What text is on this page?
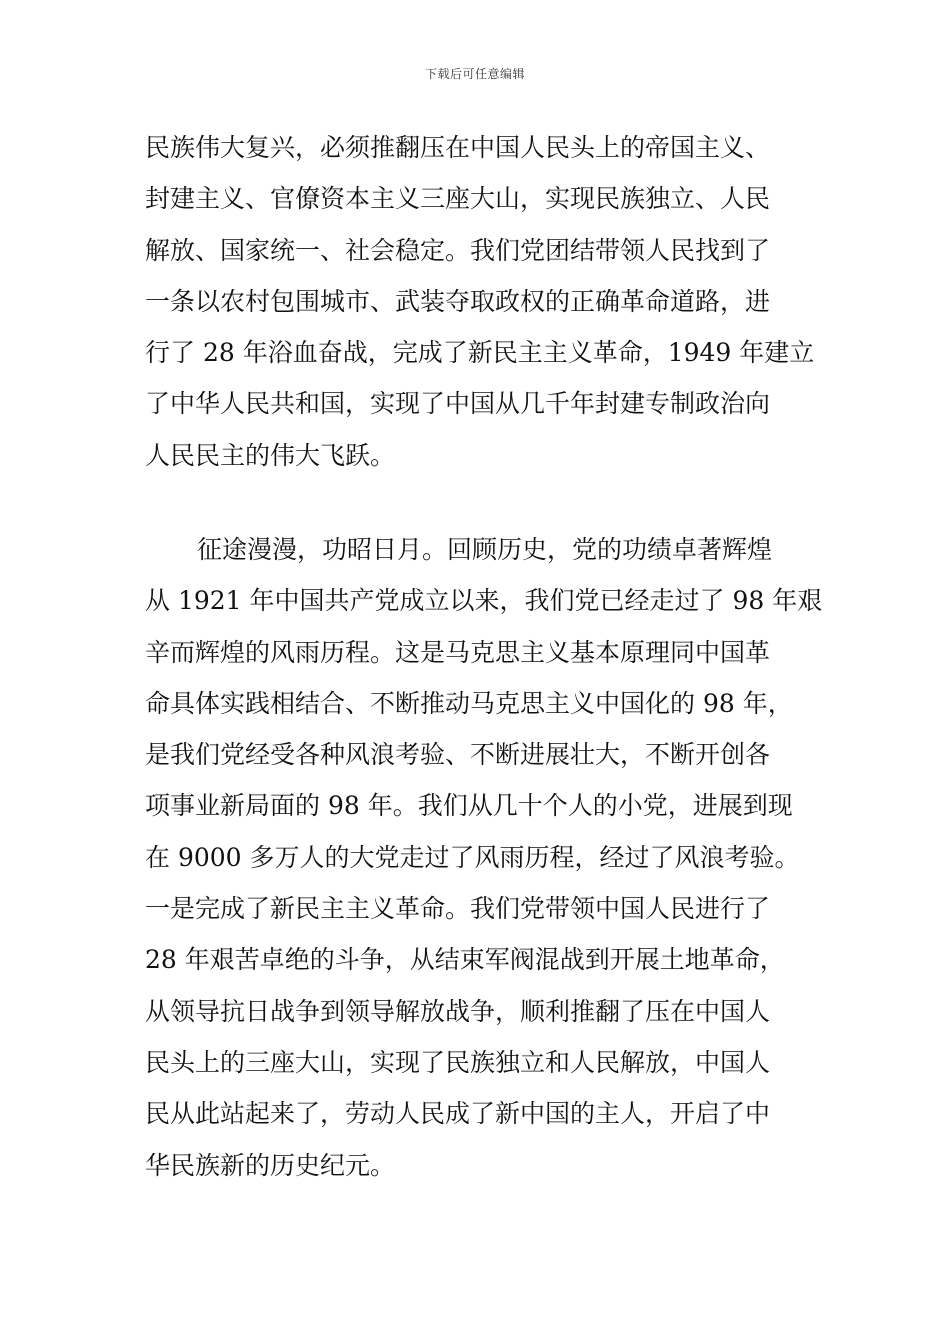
下载后可任意编辑
民族伟大复兴，必须推翻压在中国人民头上的帝国主义、
封建主义、官僚资本主义三座大山，实现民族独立、人民
解放、国家统一、社会稳定。我们党团结带领人民找到了
一条以农村包围城市、武装夺取政权的正确革命道路，进
行了 28 年浴血奋战，完成了新民主主义革命，1949 年建立
了中华人民共和国，实现了中国从几千年封建专制政治向
人民民主的伟大飞跃。
征途漫漫，功昭日月。回顾历史，党的功绩卓著辉煌
从 1921 年中国共产党成立以来，我们党已经走过了 98 年艰
辛而辉煌的风雨历程。这是马克思主义基本原理同中国革
命具体实践相结合、不断推动马克思主义中国化的 98 年，
是我们党经受各种风浪考验、不断进展壮大，不断开创各
项事业新局面的 98 年。我们从几十个人的小党，进展到现
在 9000 多万人的大党走过了风雨历程，经过了风浪考验。
一是完成了新民主主义革命。我们党带领中国人民进行了
28 年艰苦卓绝的斗争，从结束军阀混战到开展土地革命，
从领导抗日战争到领导解放战争，顺利推翻了压在中国人
民头上的三座大山，实现了民族独立和人民解放，中国人
民从此站起来了，劳动人民成了新中国的主人，开启了中
华民族新的历史纪元。
